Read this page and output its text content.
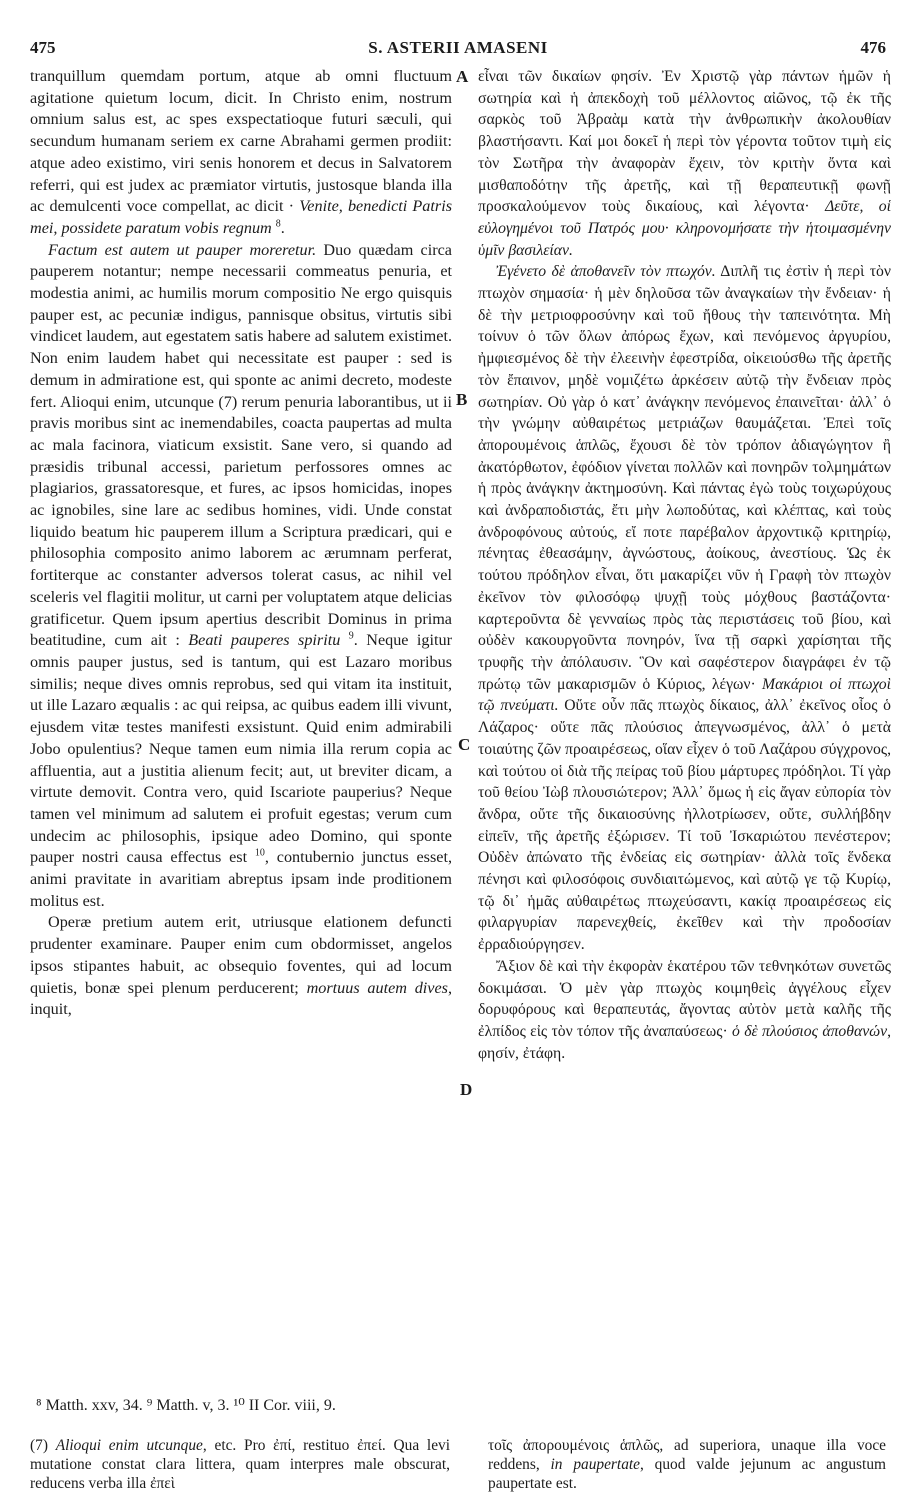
475	S. ASTERII AMASENI	476

tranquillum quemdam portum, atque ab omni fluctuum agitatione quietum locum, dicit. In Christo enim, nostrum omnium salus est, ac spes exspectatioque futuri sæculi, qui secundum humanam seriem ex carne Abrahami germen prodiit: atque adeo existimo, viri senis honorem et decus in Salvatorem referri, qui est judex ac præmiator virtutis, justosque blanda illa ac demulcenti voce compellat, ac dicit · Venite, benedicti Patris mei, possidete paratum vobis regnum $^8$.

Factum est autem ut pauper moreretur. Duo quædam circa pauperem notantur; nempe necessarii commeatus penuria, et modestia animi, ac humilis morum compositio Ne ergo quisquis pauper est, ac pecuniæ indigus, pannisque obsitus, virtutis sibi vindicet laudem, aut egestatem satis habere ad salutem existimet. Non enim laudem habet qui necessitate est pauper : sed is demum in admiratione est, qui sponte ac animi decreto, modeste fert. Alioqui enim, utcunque (7) rerum penuria laborantibus, ut ii pravis moribus sint ac inemendabiles, coacta paupertas ad multa ac mala facinora, viaticum exsistit. Sane vero, si quando ad præsidis tribunal accessi, parietum perfossores omnes ac plagiarios, grassatoresque, et fures, ac ipsos homicidas, inopes ac ignobiles, sine lare ac sedibus homines, vidi. Unde constat liquido beatum hic pauperem illum a Scriptura prædicari, qui e philosophia composito animo laborem ac ærumnam perferat, fortiterque ac constanter adversos tolerat casus, ac nihil vel sceleris vel flagitii molitur, ut carni per voluptatem atque delicias gratificetur. Quem ipsum apertius describit Dominus in prima beatitudine, cum ait : Beati pauperes spiritu $^9$. Neque igitur omnis pauper justus, sed is tantum, qui est Lazaro moribus similis; neque dives omnis reprobus, sed qui vitam ita instituit, ut ille Lazaro æqualis : ac qui reipsa, ac quibus eadem illi vivunt, ejusdem vitæ testes manifesti exsistunt. Quid enim admirabili Jobo opulentius? Neque tamen eum nimia illa rerum copia ac affluentia, aut a justitia alienum fecit; aut, ut breviter dicam, a virtute demovit. Contra vero, quid Iscariote pauperius? Neque tamen vel minimum ad salutem ei profuit egestas; verum cum undecim ac philosophis, ipsique adeo Domino, qui sponte pauper nostri causa effectus est $^{10}$, contubernio junctus esset, animi pravitate in avaritiam abreptus ipsam inde proditionem molitus est.

Operæ pretium autem erit, utriusque elationem defuncti prudenter examinare. Pauper enim cum obdormisset, angelos ipsos stipantes habuit, ac obsequio foventes, qui ad locum quietis, bonæ spei plenum perducerent; mortuus autem dives, inquit,

A
B
C
D

εἶναι τῶν δικαίων φησίν. Ἐν Χριστῷ γὰρ πάντων ἡμῶν ἡ σωτηρία καὶ ἡ ἀπεκδοχὴ τοῦ μέλλοντος αἰῶνος, τῷ ἐκ τῆς σαρκὸς τοῦ Ἀβραὰμ κατὰ τὴν ἀνθρωπικὴν ἀκολουθίαν βλαστήσαντι. Καί μοι δοκεῖ ἡ περὶ τὸν γέροντα τοῦτον τιμὴ εἰς τὸν Σωτῆρα τὴν ἀναφορὰν ἔχειν, τὸν κριτὴν ὄντα καὶ μισθαποδότην τῆς ἀρετῆς, καὶ τῇ θεραπευτικῇ φωνῇ προσκαλούμενον τοὺς δικαίους, καὶ λέγοντα· Δεῦτε, οἱ εὐλογημένοι τοῦ Πατρός μου· κληρονομήσατε τὴν ἡτοιμασμένην ὑμῖν βασιλείαν.

Ἐγένετο δὲ ἀποθανεῖν τὸν πτωχόν. Διπλῆ τις ἐστὶν ἡ περὶ τὸν πτωχὸν σημασία· ἡ μὲν δηλοῦσα τῶν ἀναγκαίων τὴν ἔνδειαν· ἡ δὲ τὴν μετριοφροσύνην καὶ τοῦ ἤθους τὴν ταπεινότητα. Μὴ τοίνυν ὁ τῶν ὅλων ἀπόρως ἔχων, καὶ πενόμενος ἀργυρίου, ἠμφιεσμένος δὲ τὴν ἐλεεινὴν ἐφεστρίδα, οἰκειούσθω τῆς ἀρετῆς τὸν ἔπαινον, μηδὲ νομιζέτω ἀρκέσειν αὐτῷ τὴν ἔνδειαν πρὸς σωτηρίαν. Οὐ γὰρ ὁ κατ᾽ ἀνάγκην πενόμενος ἐπαινεῖται· ἀλλ᾽ ὁ τὴν γνώμην αὐθαιρέτως μετριάζων θαυμάζεται. Ἐπεὶ τοῖς ἀπορουμένοις ἁπλῶς, ἔχουσι δὲ τὸν τρόπον ἀδιαγώγητον ἢ ἀκατόρθωτον, ἐφόδιον γίνεται πολλῶν καὶ πονηρῶν τολμημάτων ἡ πρὸς ἀνάγκην ἀκτημοσύνη. Καὶ πάντας ἐγὼ τοὺς τοιχωρύχους καὶ ἀνδραποδιστάς, ἔτι μὴν λωποδύτας, καὶ κλέπτας, καὶ τοὺς ἀνδροφόνους αὐτούς, εἴ ποτε παρέβαλον ἀρχοντικῷ κριτηρίῳ, πένητας ἐθεασάμην, ἀγνώστους, ἀοίκους, ἀνεστίους. Ὡς ἐκ τούτου πρόδηλον εἶναι, ὅτι μακαρίζει νῦν ἡ Γραφὴ τὸν πτωχὸν ἐκεῖνον τὸν φιλοσόφῳ ψυχῇ τοὺς μόχθους βαστάζοντα· καρτεροῦντα δὲ γενναίως πρὸς τὰς περιστάσεις τοῦ βίου, καὶ οὐδὲν κακουργοῦντα πονηρόν, ἵνα τῇ σαρκὶ χαρίσηται τῆς τρυφῆς τὴν ἀπόλαυσιν. Ὃν καὶ σαφέστερον διαγράφει ἐν τῷ πρώτῳ τῶν μακαρισμῶν ὁ Κύριος, λέγων· Μακάριοι οἱ πτωχοὶ τῷ πνεύματι. Οὔτε οὖν πᾶς πτωχὸς δίκαιος, ἀλλ᾽ ἐκεῖνος οἷος ὁ Λάζαρος· οὔτε πᾶς πλούσιος ἀπεγνωσμένος, ἀλλ᾽ ὁ μετὰ τοιαύτης ζῶν προαιρέσεως, οἵαν εἶχεν ὁ τοῦ Λαζάρου σύγχρονος, καὶ τούτου οἱ διὰ τῆς πείρας τοῦ βίου μάρτυρες πρόδηλοι. Τί γὰρ τοῦ θείου Ἰὼβ πλουσιώτερον; Ἀλλ᾽ ὅμως ἡ εἰς ἄγαν εὐπορία τὸν ἄνδρα, οὔτε τῆς δικαιοσύνης ἠλλοτρίωσεν, οὔτε, συλλήβδην εἰπεῖν, τῆς ἀρετῆς ἐξώρισεν. Τί τοῦ Ἰσκαριώτου πενέστερον; Οὐδὲν ἀπώνατο τῆς ἐνδείας εἰς σωτηρίαν· ἀλλὰ τοῖς ἕνδεκα πένησι καὶ φιλοσόφοις συνδιαιτώμενος, καὶ αὐτῷ γε τῷ Κυρίῳ, τῷ δι᾽ ἡμᾶς αὐθαιρέτως πτωχεύσαντι, κακίᾳ προαιρέσεως εἰς φιλαργυρίαν παρενεχθείς, ἐκεῖθεν καὶ τὴν προδοσίαν ἐρραδιούργησεν.

Ἄξιον δὲ καὶ τὴν ἐκφορὰν ἑκατέρου τῶν τεθνηκότων συνετῶς δοκιμάσαι. Ὁ μὲν γὰρ πτωχὸς κοιμηθεὶς ἀγγέλους εἶχεν δορυφόρους καὶ θεραπευτάς, ἄγοντας αὐτὸν μετὰ καλῆς τῆς ἐλπίδος εἰς τὸν τόπον τῆς ἀναπαύσεως· ὁ δὲ πλούσιος ἀποθανών, φησίν, ἐτάφη.

⁸ Matth. xxv, 34. ⁹ Matth. v, 3. ¹⁰ II Cor. viii, 9.
(7) Alioqui enim utcunque, etc. Pro ἐπί, restituo ἐπεί. Qua levi mutatione constat clara littera, quam interpres male obscurat, reducens verba illa ἐπεὶ
τοῖς ἀπορουμένοις ἁπλῶς, ad superiora, unaque illa voce reddens, in paupertate, quod valde jejunum ac angustum paupertate est.
